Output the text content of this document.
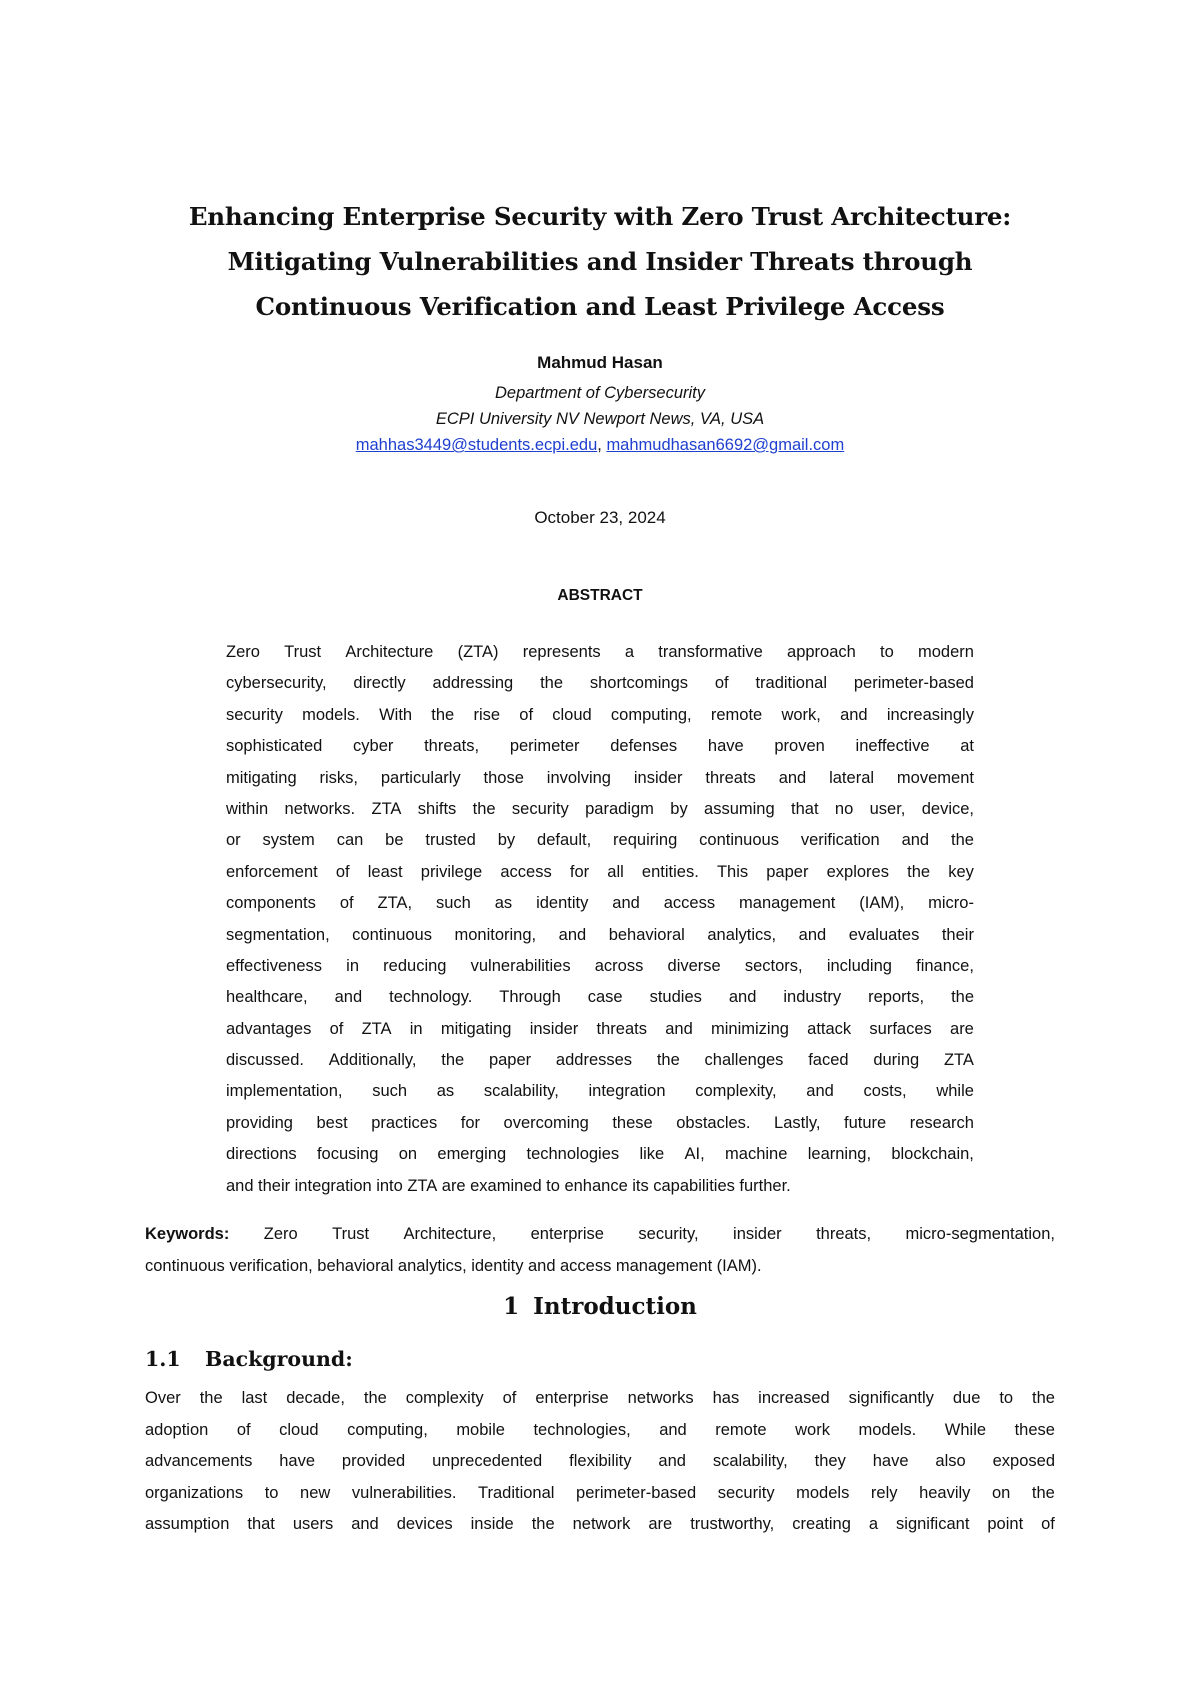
Enhancing Enterprise Security with Zero Trust Architecture:
Mitigating Vulnerabilities and Insider Threats through
Continuous Verification and Least Privilege Access
Mahmud Hasan
Department of Cybersecurity
ECPI University NV Newport News, VA, USA
mahhas3449@students.ecpi.edu, mahmudhasan6692@gmail.com
October 23, 2024
ABSTRACT
Zero Trust Architecture (ZTA) represents a transformative approach to modern
cybersecurity, directly addressing the shortcomings of traditional perimeter-based
security models. With the rise of cloud computing, remote work, and increasingly
sophisticated cyber threats, perimeter defenses have proven ineffective at
mitigating risks, particularly those involving insider threats and lateral movement
within networks. ZTA shifts the security paradigm by assuming that no user, device,
or system can be trusted by default, requiring continuous verification and the
enforcement of least privilege access for all entities. This paper explores the key
components of ZTA, such as identity and access management (IAM), micro-
segmentation, continuous monitoring, and behavioral analytics, and evaluates their
effectiveness in reducing vulnerabilities across diverse sectors, including finance,
healthcare, and technology. Through case studies and industry reports, the
advantages of ZTA in mitigating insider threats and minimizing attack surfaces are
discussed. Additionally, the paper addresses the challenges faced during ZTA
implementation, such as scalability, integration complexity, and costs, while
providing best practices for overcoming these obstacles. Lastly, future research
directions focusing on emerging technologies like AI, machine learning, blockchain,
and their integration into ZTA are examined to enhance its capabilities further.
Keywords: Zero Trust Architecture, enterprise security, insider threats, micro-segmentation,
continuous verification, behavioral analytics, identity and access management (IAM).
1 Introduction
1.1 Background:
Over the last decade, the complexity of enterprise networks has increased significantly due to the
adoption of cloud computing, mobile technologies, and remote work models. While these
advancements have provided unprecedented flexibility and scalability, they have also exposed
organizations to new vulnerabilities. Traditional perimeter-based security models rely heavily on the
assumption that users and devices inside the network are trustworthy, creating a significant point of
